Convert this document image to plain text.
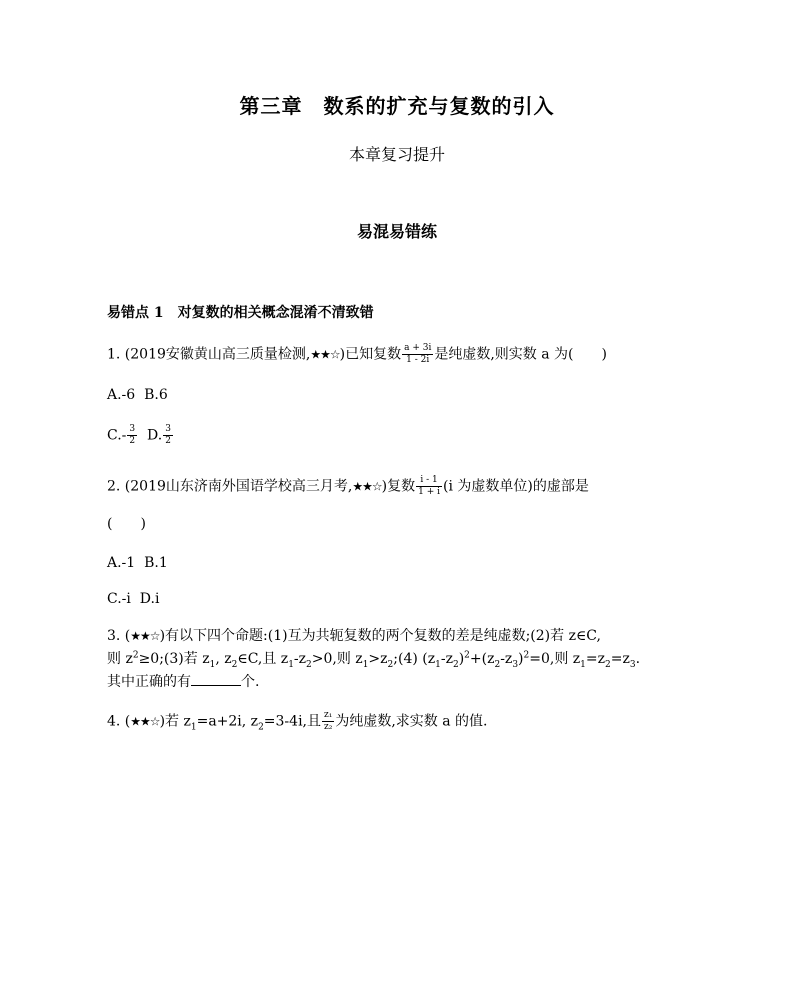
第三章　数系的扩充与复数的引入
本章复习提升
易混易错练
易错点 1　对复数的相关概念混淆不清致错
1. (2019安徽黄山高三质量检测,★★☆)已知复数 $\frac{a + 3i}{1 - 2i}$ 是纯虚数,则实数 a 为(　　)
A.-6 B.6
$C.- \frac{3}{2} D$. $\frac{3}{2}$
2. (2019山东济南外国语学校高三月考,★★☆)复数 $\frac{i - 1}{1 + i} (i$ 为虚数单位)的虚部是
(　　)
A.-1 B.1
C.-i D.i
3. (★★☆)有以下四个命题:(1)互为共轭复数的两个复数的差是纯虚数;(2)若 z∈C,
则 $z^2\ge 0;(3)$若 $z_1$, $z_2\in C$,且 $z_1-z_2>0$,则 $z_1>z_2;(4)$ $(z_1-z_2)^2+(z_2-z_3)^2=0$,则 $z_1=z_2=z_3$.
其中正确的有	个.
4. (★★☆)若 $z_1=a+2i$, $z_2=3-4i$,且 $\frac{\text{z₁}}{\text{z₂}}$ 为纯虚数,求实数 a 的值.
